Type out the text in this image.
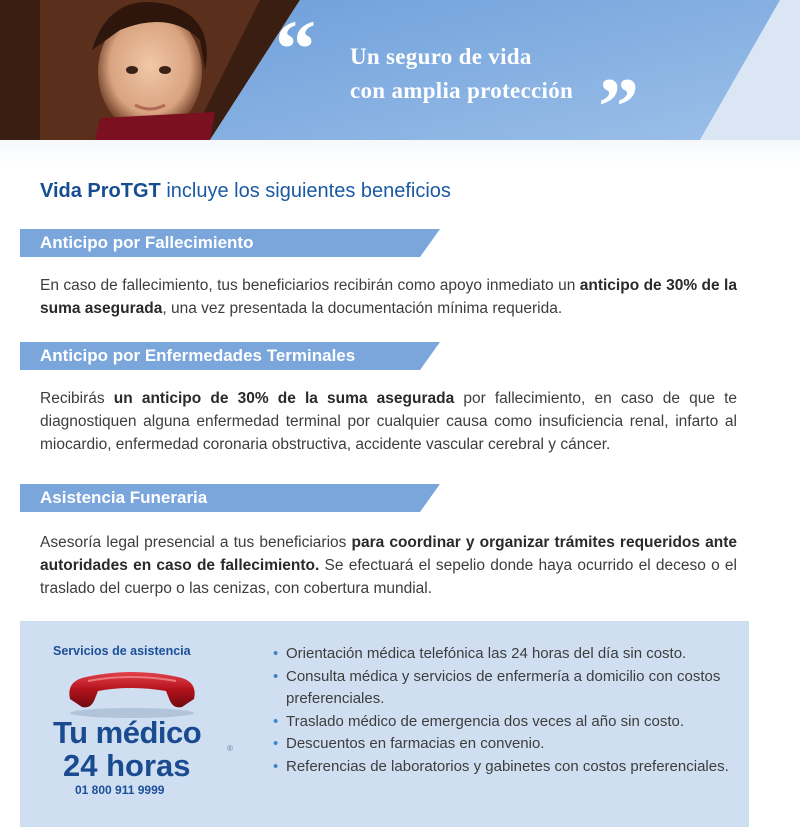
“ Un seguro de vida
con amplia protección ”
Vida ProTGT incluye los siguientes beneficios
Anticipo por Fallecimiento
En caso de fallecimiento, tus beneficiarios recibirán como apoyo inmediato un anticipo de 30% de la suma asegurada, una vez presentada la documentación mínima requerida.
Anticipo por Enfermedades Terminales
Recibirás un anticipo de 30% de la suma asegurada por fallecimiento, en caso de que te diagnostiquen alguna enfermedad terminal por cualquier causa como insuficiencia renal, infarto al miocardio, enfermedad coronaria obstructiva, accidente vascular cerebral y cáncer.
Asistencia Funeraria
Asesoría legal presencial a tus beneficiarios para coordinar y organizar trámites requeridos ante autoridades en caso de fallecimiento. Se efectuará el sepelio donde haya ocurrido el deceso o el traslado del cuerpo o las cenizas, con cobertura mundial.
Servicios de asistencia
Tu médico
24 horas	®
01 800 911 9999
• Orientación médica telefónica las 24 horas del día sin costo.
• Consulta médica y servicios de enfermería a domicilio con costos preferenciales.
• Traslado médico de emergencia dos veces al año sin costo.
• Descuentos en farmacias en convenio.
• Referencias de laboratorios y gabinetes con costos preferenciales.
